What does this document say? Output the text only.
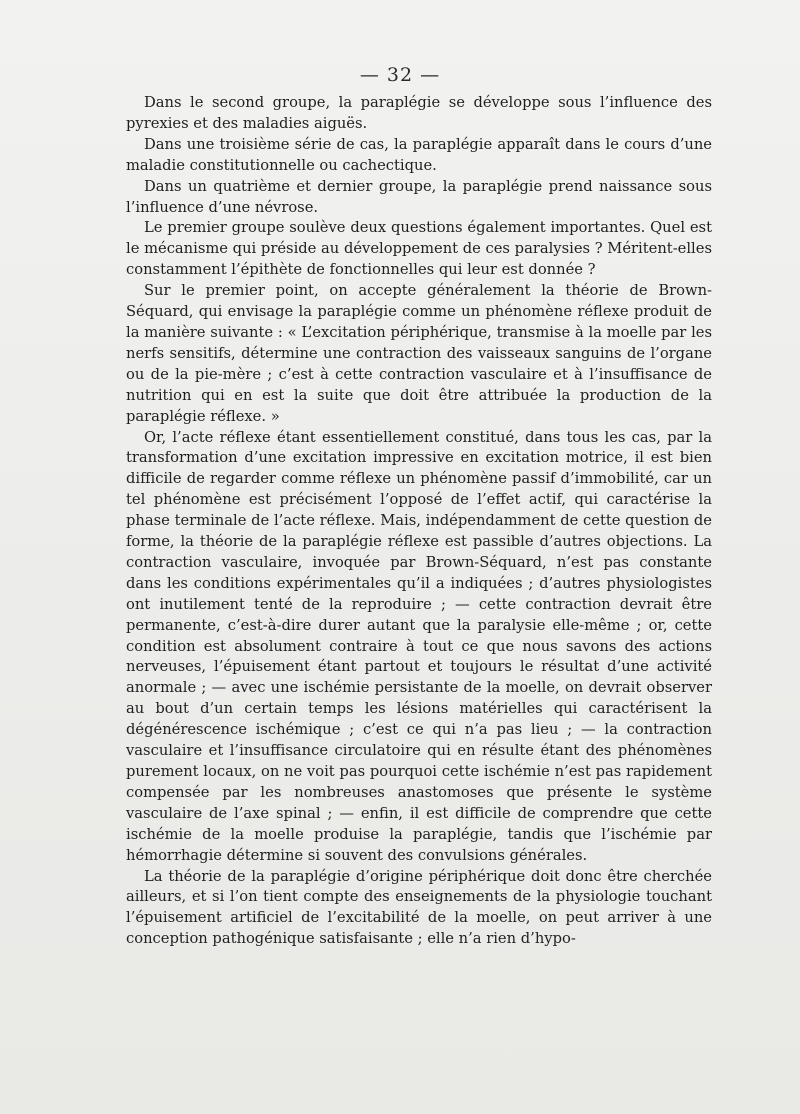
— 32 —

Dans le second groupe, la paraplégie se développe sous l’influence des pyrexies et des maladies aiguës.

Dans une troisième série de cas, la paraplégie apparaît dans le cours d’une maladie constitutionnelle ou cachectique.

Dans un quatrième et dernier groupe, la paraplégie prend naissance sous l’influence d’une névrose.

Le premier groupe soulève deux questions également importantes. Quel est le mécanisme qui préside au développement de ces paralysies ? Méritent-elles constamment l’épithète de fonctionnelles qui leur est donnée ?

Sur le premier point, on accepte généralement la théorie de Brown-Séquard, qui envisage la paraplégie comme un phénomène réflexe produit de la manière suivante : « L’excitation périphérique, transmise à la moelle par les nerfs sensitifs, détermine une contraction des vaisseaux sanguins de l’organe ou de la pie-mère ; c’est à cette contraction vasculaire et à l’insuffisance de nutrition qui en est la suite que doit être attribuée la production de la paraplégie réflexe. »

Or, l’acte réflexe étant essentiellement constitué, dans tous les cas, par la transformation d’une excitation impressive en excitation motrice, il est bien difficile de regarder comme réflexe un phénomène passif d’immobilité, car un tel phénomène est précisément l’opposé de l’effet actif, qui caractérise la phase terminale de l’acte réflexe. Mais, indépendamment de cette question de forme, la théorie de la paraplégie réflexe est passible d’autres objections. La contraction vasculaire, invoquée par Brown-Séquard, n’est pas constante dans les conditions expérimentales qu’il a indiquées ; d’autres physiologistes ont inutilement tenté de la reproduire ; — cette contraction devrait être permanente, c’est-à-dire durer autant que la paralysie elle-même ; or, cette condition est absolument contraire à tout ce que nous savons des actions nerveuses, l’épuisement étant partout et toujours le résultat d’une activité anormale ; — avec une ischémie persistante de la moelle, on devrait observer au bout d’un certain temps les lésions matérielles qui caractérisent la dégénérescence ischémique ; c’est ce qui n’a pas lieu ; — la contraction vasculaire et l’insuffisance circulatoire qui en résulte étant des phénomènes purement locaux, on ne voit pas pourquoi cette ischémie n’est pas rapidement compensée par les nombreuses anastomoses que présente le système vasculaire de l’axe spinal ; — enfin, il est difficile de comprendre que cette ischémie de la moelle produise la paraplégie, tandis que l’ischémie par hémorrhagie détermine si souvent des convulsions générales.

La théorie de la paraplégie d’origine périphérique doit donc être cherchée ailleurs, et si l’on tient compte des enseignements de la physiologie touchant l’épuisement artificiel de l’excitabilité de la moelle, on peut arriver à une conception pathogénique satisfaisante ; elle n’a rien d’hypo-
